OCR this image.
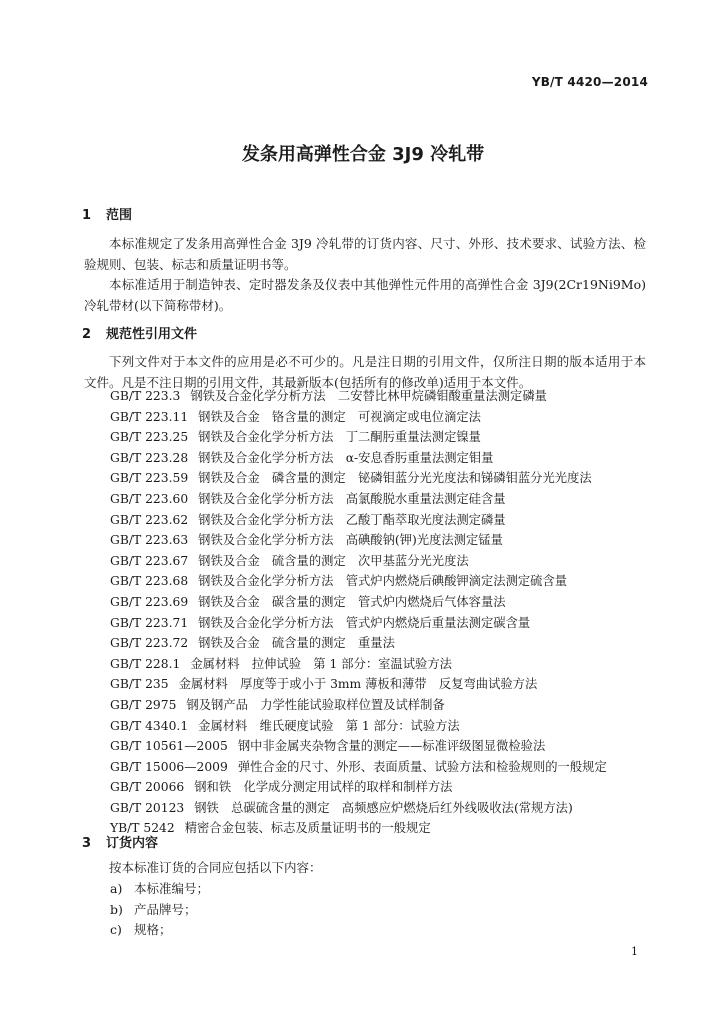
YB/T 4420—2014
发条用高弹性合金 3J9 冷轧带
1 范围

本标准规定了发条用高弹性合金 3J9 冷轧带的订货内容、尺寸、外形、技术要求、试验方法、检验规则、包装、标志和质量证明书等。

本标准适用于制造钟表、定时器发条及仪表中其他弹性元件用的高弹性合金 3J9(2Cr19Ni9Mo)冷轧带材(以下简称带材)。

2 规范性引用文件

下列文件对于本文件的应用是必不可少的。凡是注日期的引用文件，仅所注日期的版本适用于本文件。凡是不注日期的引用文件，其最新版本(包括所有的修改单)适用于本文件。

GB/T 223.3 钢铁及合金化学分析方法　二安替比林甲烷磷钼酸重量法测定磷量
GB/T 223.11 钢铁及合金　铬含量的测定　可视滴定或电位滴定法
GB/T 223.25 钢铁及合金化学分析方法　丁二酮肟重量法测定镍量
GB/T 223.28 钢铁及合金化学分析方法　α-安息香肟重量法测定钼量
GB/T 223.59 钢铁及合金　磷含量的测定　铋磷钼蓝分光光度法和锑磷钼蓝分光光度法
GB/T 223.60 钢铁及合金化学分析方法　高氯酸脱水重量法测定硅含量
GB/T 223.62 钢铁及合金化学分析方法　乙酸丁酯萃取光度法测定磷量
GB/T 223.63 钢铁及合金化学分析方法　高碘酸钠(钾)光度法测定锰量
GB/T 223.67 钢铁及合金　硫含量的测定　次甲基蓝分光光度法
GB/T 223.68 钢铁及合金化学分析方法　管式炉内燃烧后碘酸钾滴定法测定硫含量
GB/T 223.69 钢铁及合金　碳含量的测定　管式炉内燃烧后气体容量法
GB/T 223.71 钢铁及合金化学分析方法　管式炉内燃烧后重量法测定碳含量
GB/T 223.72 钢铁及合金　硫含量的测定　重量法
GB/T 228.1 金属材料　拉伸试验　第 1 部分：室温试验方法
GB/T 235 金属材料　厚度等于或小于 3mm 薄板和薄带　反复弯曲试验方法
GB/T 2975 钢及钢产品　力学性能试验取样位置及试样制备
GB/T 4340.1 金属材料　维氏硬度试验　第 1 部分：试验方法
GB/T 10561—2005 钢中非金属夹杂物含量的测定——标准评级图显微检验法
GB/T 15006—2009 弹性合金的尺寸、外形、表面质量、试验方法和检验规则的一般规定
GB/T 20066 钢和铁　化学成分测定用试样的取样和制样方法
GB/T 20123 钢铁　总碳硫含量的测定　高频感应炉燃烧后红外线吸收法(常规方法)
YB/T 5242 精密合金包装、标志及质量证明书的一般规定
3 订货内容

按本标准订货的合同应包括以下内容：

a) 本标准编号；
b) 产品牌号；
c) 规格；
1
